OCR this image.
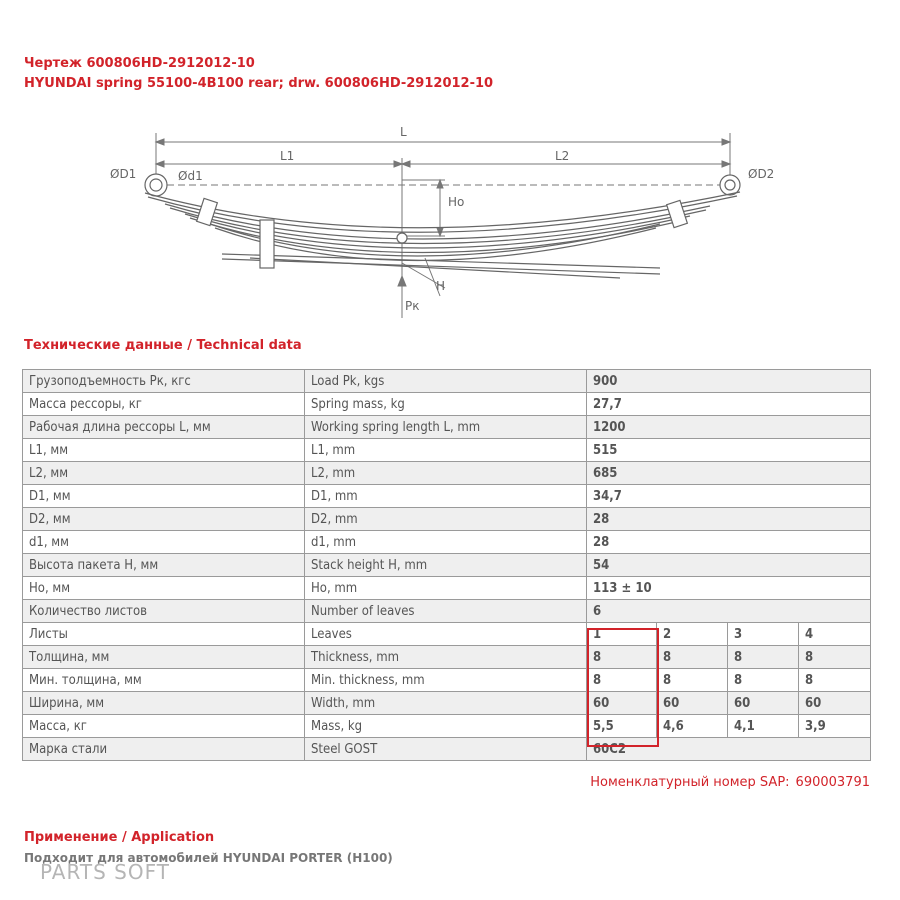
Чертеж 600806HD-2912012-10
HYUNDAI spring 55100-4B100 rear; drw. 600806HD-2912012-10
L
L1	L2
ØD1	Ød1	ØD2
Ho
H
Pк
Технические данные / Technical data
Грузоподъемность Pк, кгс	Load Pk, kgs	900			
Масса рессоры, кг	Spring mass, kg	27,7			
Рабочая длина рессоры L, мм	Working spring length L, mm	1200			
L1, мм	L1, mm	515			
L2, мм	L2, mm	685			
D1, мм	D1, mm	34,7			
D2, мм	D2, mm	28			
d1, мм	d1, mm	28			
Высота пакета H, мм	Stack height H, mm	54			
Ho, мм	Ho, mm	113 ± 10			
Количество листов	Number of leaves	6			
Листы	Leaves	1	2	3	4
Толщина, мм	Thickness, mm	8	8	8	8
Мин. толщина, мм	Min. thickness, mm	8	8	8	8
Ширина, мм	Width, mm	60	60	60	60
Масса, кг	Mass, kg	5,5	4,6	4,1	3,9
Марка стали	Steel GOST	60C2			
Номенклатурный номер SAP: 690003791
Применение / Application
Подходит для автомобилей HYUNDAI PORTER (H100)
PARTS SOFT
